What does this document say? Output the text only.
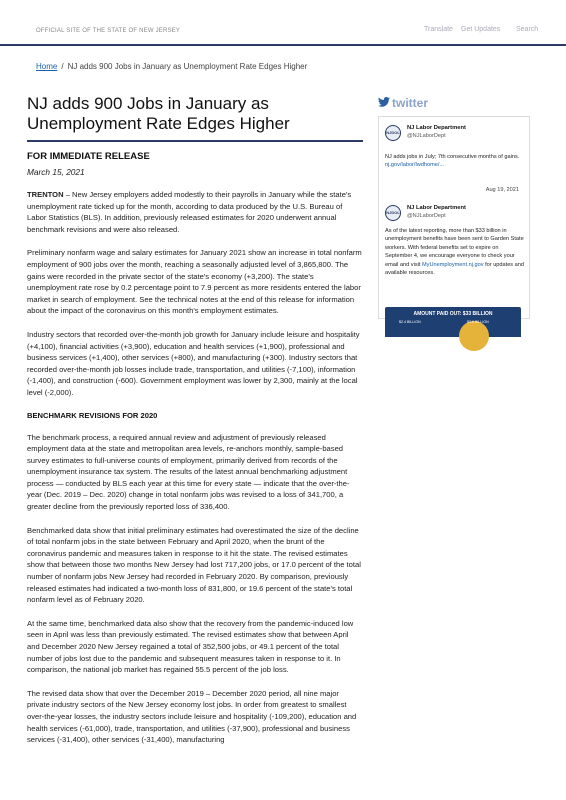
OFFICIAL SITE OF THE STATE OF NEW JERSEY	Translate Get Updates Search
Home / NJ adds 900 Jobs in January as Unemployment Rate Edges Higher
NJ adds 900 Jobs in January as Unemployment Rate Edges Higher
FOR IMMEDIATE RELEASE
March 15, 2021

TRENTON – New Jersey employers added modestly to their payrolls in January while the state's unemployment rate ticked up for the month, according to data produced by the U.S. Bureau of Labor Statistics (BLS). In addition, previously released estimates for 2020 underwent annual benchmark revisions and were also released.

Preliminary nonfarm wage and salary estimates for January 2021 show an increase in total nonfarm employment of 900 jobs over the month, reaching a seasonally adjusted level of 3,865,800. The gains were recorded in the private sector of the state's economy (+3,200). The state's unemployment rate rose by 0.2 percentage point to 7.9 percent as more residents entered the labor market in search of employment. See the technical notes at the end of this release for information about the impact of the coronavirus on this month's employment estimates.

Industry sectors that recorded over-the-month job growth for January include leisure and hospitality (+4,100), financial activities (+3,900), education and health services (+1,900), professional and business services (+1,400), other services (+800), and manufacturing (+300). Industry sectors that recorded over-the-month job losses include trade, transportation, and utilities (-7,100), information (-1,400), and construction (-600). Government employment was lower by 2,300, mainly at the local level (-2,000).

BENCHMARK REVISIONS FOR 2020

The benchmark process, a required annual review and adjustment of previously released employment data at the state and metropolitan area levels, re-anchors monthly, sample-based survey estimates to full-universe counts of employment, primarily derived from records of the unemployment insurance tax system. The results of the latest annual benchmarking adjustment process — conducted by BLS each year at this time for every state — indicate that the over-the-year (Dec. 2019 – Dec. 2020) change in total nonfarm jobs was revised to a loss of 341,700, a greater decline from the previously reported loss of 336,400.

Benchmarked data show that initial preliminary estimates had overestimated the size of the decline of total nonfarm jobs in the state between February and April 2020, when the brunt of the coronavirus pandemic and measures taken in response to it hit the state. The revised estimates show that between those two months New Jersey had lost 717,200 jobs, or 17.0 percent of the total number of nonfarm jobs New Jersey had recorded in February 2020. By comparison, previously released estimates had indicated a two-month loss of 831,800, or 19.6 percent of the state's total nonfarm level as of February 2020.

At the same time, benchmarked data also show that the recovery from the pandemic-induced low seen in April was less than previously estimated. The revised estimates show that between April and December 2020 New Jersey regained a total of 352,500 jobs, or 49.1 percent of the total number of jobs lost due to the pandemic and subsequent measures taken in response to it. In comparison, the national job market has regained 55.5 percent of the job loss.

The revised data show that over the December 2019 – December 2020 period, all nine major private industry sectors of the New Jersey economy lost jobs. In order from greatest to smallest over-the-year losses, the industry sectors include leisure and hospitality (-109,200), education and health services (-61,000), trade, transportation, and utilities (-37,900), professional and business services (-31,400), other services (-31,400), manufacturing

twitter
NJDOL
NJ Labor Department
@NJLaborDept
NJ adds jobs in July; 7th consecutive months of gains. nj.gov/labor/lwdhome/...
Aug 19, 2021
NJDOL
NJ Labor Department
@NJLaborDept
As of the latest reporting, more than $33 billion in unemployment benefits have been sent to Garden State workers. With federal benefits set to expire on September 4, we encourage everyone to check your email and visit MyUnemployment.nj.gov for updates and available resources.
AMOUNT PAID OUT: $33 BILLION
$2.4 BILLION	$3.6 BILLION
